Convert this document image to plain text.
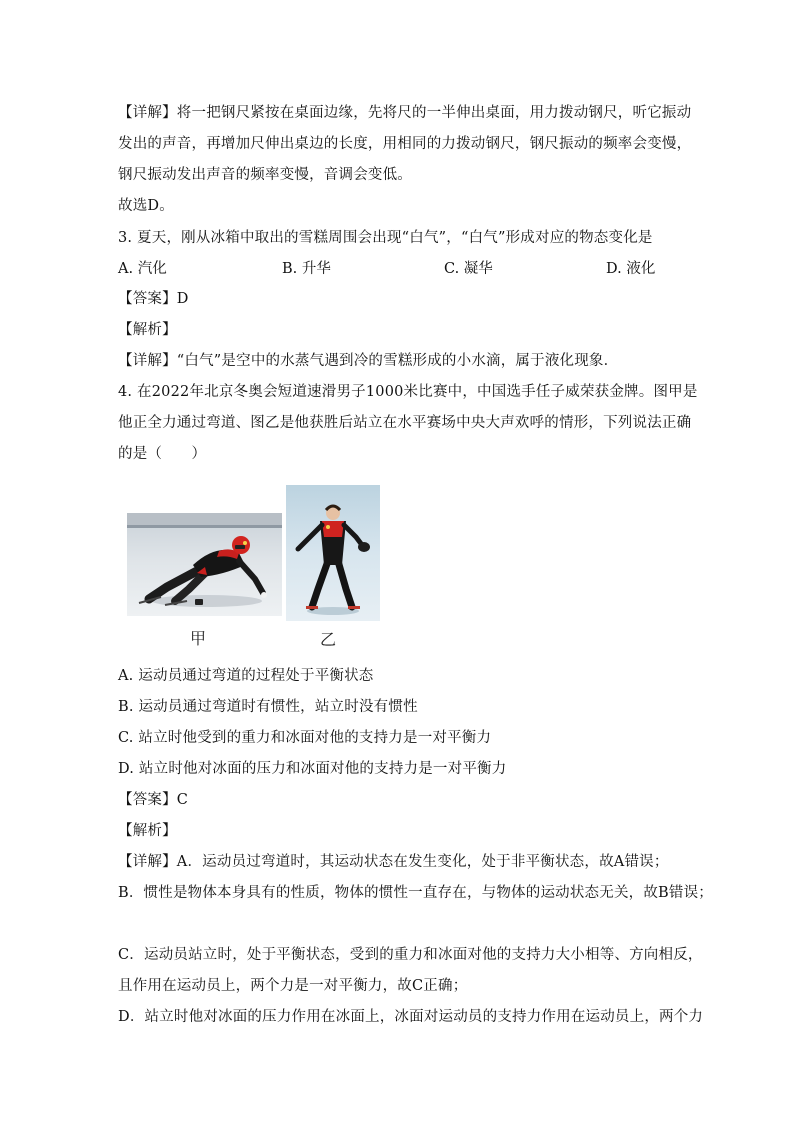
【详解】将一把钢尺紧按在桌面边缘，先将尺的一半伸出桌面，用力拨动钢尺，听它振动
发出的声音，再增加尺伸出桌边的长度，用相同的力拨动钢尺，钢尺振动的频率会变慢，
钢尺振动发出声音的频率变慢，音调会变低。
故选D。
3. 夏天，刚从冰箱中取出的雪糕周围会出现“白气”，“白气”形成对应的物态变化是
A. 汽化	B. 升华	C. 凝华	D. 液化
【答案】D
【解析】
【详解】“白气”是空中的水蒸气遇到冷的雪糕形成的小水滴，属于液化现象．
4. 在2022年北京冬奥会短道速滑男子1000米比赛中，中国选手任子威荣获金牌。图甲是
他正全力通过弯道、图乙是他获胜后站立在水平赛场中央大声欢呼的情形，下列说法正确
的是（　　）
甲	乙
A. 运动员通过弯道的过程处于平衡状态
B. 运动员通过弯道时有惯性，站立时没有惯性
C. 站立时他受到的重力和冰面对他的支持力是一对平衡力
D. 站立时他对冰面的压力和冰面对他的支持力是一对平衡力
【答案】C
【解析】
【详解】A．运动员过弯道时，其运动状态在发生变化，处于非平衡状态，故A错误；
B．惯性是物体本身具有的性质，物体的惯性一直存在，与物体的运动状态无关，故B错误；
C．运动员站立时，处于平衡状态，受到的重力和冰面对他的支持力大小相等、方向相反，
且作用在运动员上，两个力是一对平衡力，故C正确；
D．站立时他对冰面的压力作用在冰面上，冰面对运动员的支持力作用在运动员上，两个力
